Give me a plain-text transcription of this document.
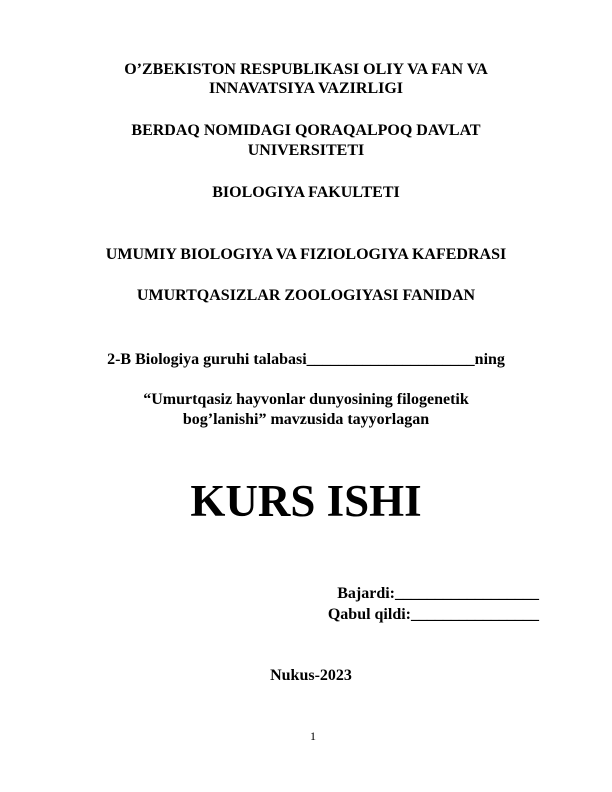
O’ZBEKISTON RESPUBLIKASI OLIY VA FAN VA
INNAVATSIYA VAZIRLIGI
BERDAQ NOMIDAGI QORAQALPOQ DAVLAT
UNIVERSITETI
BIOLOGIYA FAKULTETI
UMUMIY BIOLOGIYA VA FIZIOLOGIYA KAFEDRASI
UMURTQASIZLAR ZOOLOGIYASI FANIDAN
2-B Biologiya guruhi talabasi_____________________ning
“Umurtqasiz hayvonlar dunyosining filogenetik
bog’lanishi” mavzusida tayyorlagan
KURS ISHI
Bajardi:__________________
Qabul qildi:________________
Nukus-2023
1
